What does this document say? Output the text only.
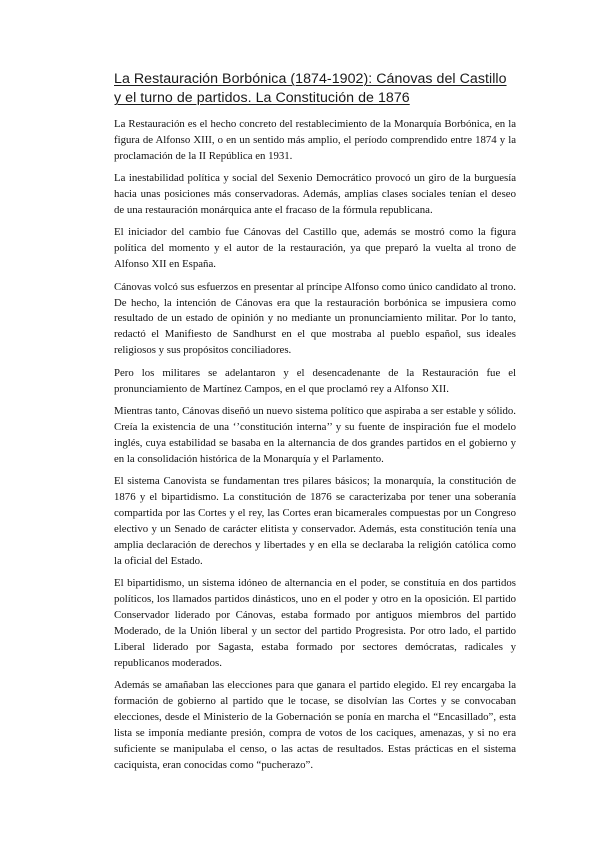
La Restauración Borbónica (1874-1902): Cánovas del Castillo y el turno de partidos. La Constitución de 1876

La Restauración es el hecho concreto del restablecimiento de la Monarquía Borbónica, en la figura de Alfonso XIII, o en un sentido más amplio, el período comprendido entre 1874 y la proclamación de la II República en 1931.

La inestabilidad política y social del Sexenio Democrático provocó un giro de la burguesía hacia unas posiciones más conservadoras. Además, amplias clases sociales tenían el deseo de una restauración monárquica ante el fracaso de la fórmula republicana.

El iniciador del cambio fue Cánovas del Castillo que, además se mostró como la figura política del momento y el autor de la restauración, ya que preparó la vuelta al trono de Alfonso XII en España.

Cánovas volcó sus esfuerzos en presentar al príncipe Alfonso como único candidato al trono. De hecho, la intención de Cánovas era que la restauración borbónica se impusiera como resultado de un estado de opinión y no mediante un pronunciamiento militar. Por lo tanto, redactó el Manifiesto de Sandhurst en el que mostraba al pueblo español, sus ideales religiosos y sus propósitos conciliadores.

Pero los militares se adelantaron y el desencadenante de la Restauración fue el pronunciamiento de Martínez Campos, en el que proclamó rey a Alfonso XII.

Mientras tanto, Cánovas diseñó un nuevo sistema político que aspiraba a ser estable y sólido. Creía la existencia de una ‘’constitución interna’’ y su fuente de inspiración fue el modelo inglés, cuya estabilidad se basaba en la alternancia de dos grandes partidos en el gobierno y en la consolidación histórica de la Monarquía y el Parlamento.

El sistema Canovista se fundamentan tres pilares básicos; la monarquía, la constitución de 1876 y el bipartidismo. La constitución de 1876 se caracterizaba por tener una soberanía compartida por las Cortes y el rey, las Cortes eran bicamerales compuestas por un Congreso electivo y un Senado de carácter elitista y conservador. Además, esta constitución tenía una amplia declaración de derechos y libertades y en ella se declaraba la religión católica como la oficial del Estado.

El bipartidismo, un sistema idóneo de alternancia en el poder, se constituía en dos partidos políticos, los llamados partidos dinásticos, uno en el poder y otro en la oposición. El partido Conservador liderado por Cánovas, estaba formado por antiguos miembros del partido Moderado, de la Unión liberal y un sector del partido Progresista. Por otro lado, el partido Liberal liderado por Sagasta, estaba formado por sectores demócratas, radicales y republicanos moderados.

Además se amañaban las elecciones para que ganara el partido elegido. El rey encargaba la formación de gobierno al partido que le tocase, se disolvían las Cortes y se convocaban elecciones, desde el Ministerio de la Gobernación se ponía en marcha el “Encasillado”, esta lista se imponía mediante presión, compra de votos de los caciques, amenazas, y si no era suficiente se manipulaba el censo, o las actas de resultados. Estas prácticas en el sistema caciquista, eran conocidas como “pucherazo”.
